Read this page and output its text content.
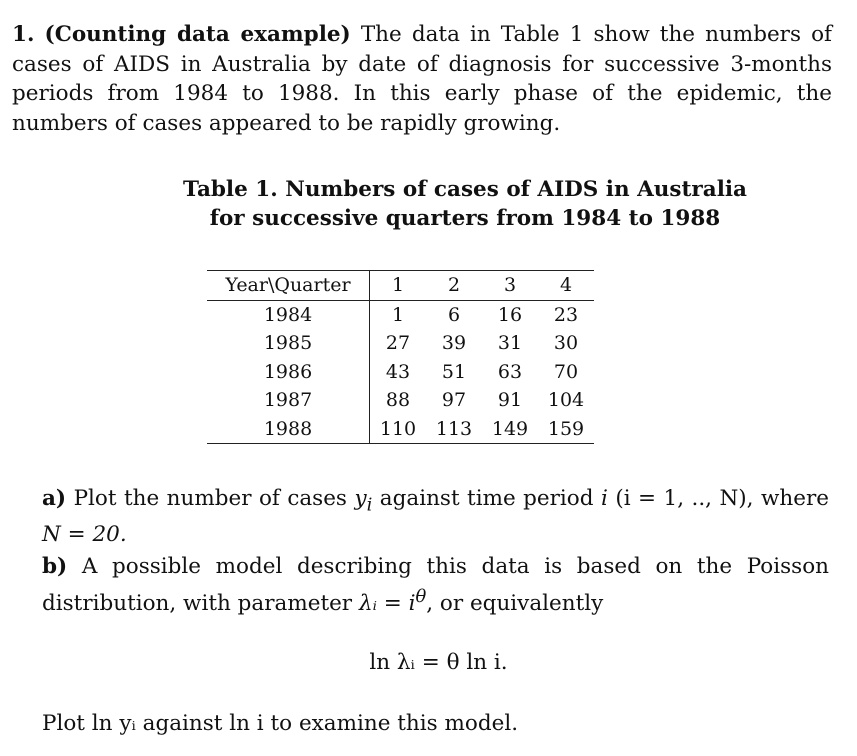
1. (Counting data example) The data in Table 1 show the numbers of cases of AIDS in Australia by date of diagnosis for successive 3-months periods from 1984 to 1988. In this early phase of the epidemic, the numbers of cases appeared to be rapidly growing.
Table 1. Numbers of cases of AIDS in Australia
for successive quarters from 1984 to 1988
Year\Quarter	1	2	3	4
1984	1	6	16	23
1985	27	39	31	30
1986	43	51	63	70
1987	88	97	91	104
1988	110	113	149	159
a) Plot the number of cases $y_i$ against time period i (i = 1, .., N), where N = 20.
b) A possible model describing this data is based on the Poisson distribution, with parameter λᵢ = $i^\theta$, or equivalently
ln λᵢ = θ ln i.
Plot ln yᵢ against ln i to examine this model.
